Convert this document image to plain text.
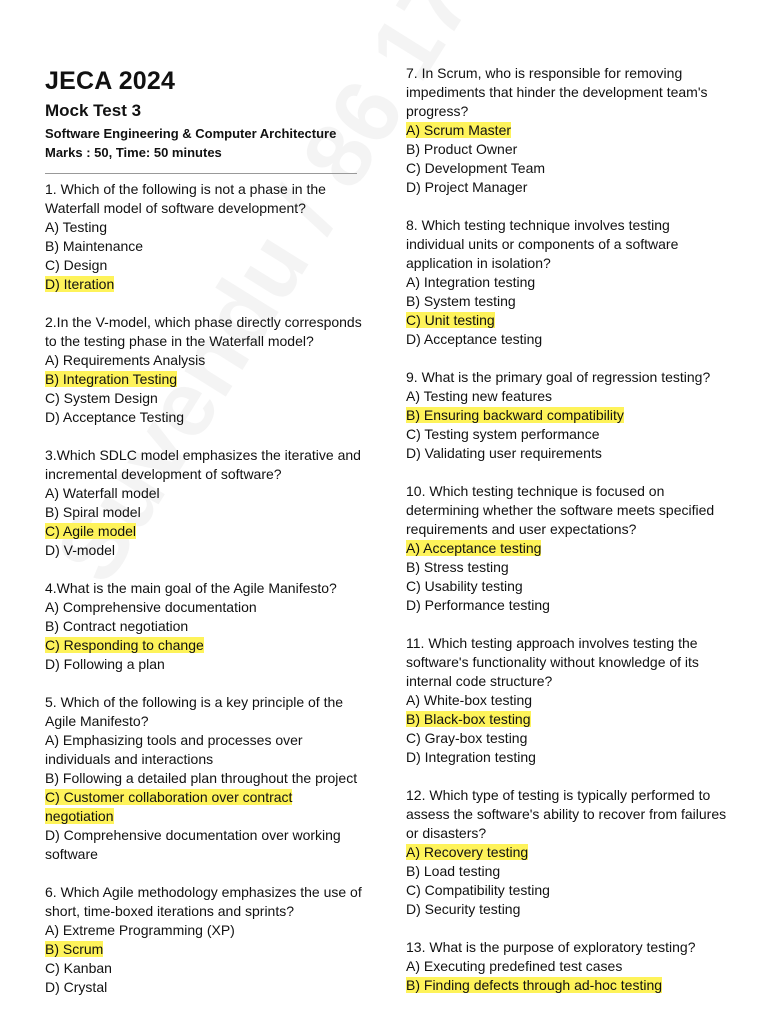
JECA 2024
Mock Test 3
Software Engineering & Computer Architecture
Marks : 50, Time: 50 minutes
1. Which of the following is not a phase in the Waterfall model of software development?
A) Testing
B) Maintenance
C) Design
D) Iteration
2.In the V-model, which phase directly corresponds to the testing phase in the Waterfall model?
A) Requirements Analysis
B) Integration Testing
C) System Design
D) Acceptance Testing
3.Which SDLC model emphasizes the iterative and incremental development of software?
A) Waterfall model
B) Spiral model
C) Agile model
D) V-model
4.What is the main goal of the Agile Manifesto?
A) Comprehensive documentation
B) Contract negotiation
C) Responding to change
D) Following a plan
5. Which of the following is a key principle of the Agile Manifesto?
A) Emphasizing tools and processes over individuals and interactions
B) Following a detailed plan throughout the project
C) Customer collaboration over contract negotiation
D) Comprehensive documentation over working software
6. Which Agile methodology emphasizes the use of short, time-boxed iterations and sprints?
A) Extreme Programming (XP)
B) Scrum
C) Kanban
D) Crystal
7. In Scrum, who is responsible for removing impediments that hinder the development team's progress?
A) Scrum Master
B) Product Owner
C) Development Team
D) Project Manager
8. Which testing technique involves testing individual units or components of a software application in isolation?
A) Integration testing
B) System testing
C) Unit testing
D) Acceptance testing
9. What is the primary goal of regression testing?
A) Testing new features
B) Ensuring backward compatibility
C) Testing system performance
D) Validating user requirements
10. Which testing technique is focused on determining whether the software meets specified requirements and user expectations?
A) Acceptance testing
B) Stress testing
C) Usability testing
D) Performance testing
11. Which testing approach involves testing the software's functionality without knowledge of its internal code structure?
A) White-box testing
B) Black-box testing
C) Gray-box testing
D) Integration testing
12. Which type of testing is typically performed to assess the software's ability to recover from failures or disasters?
A) Recovery testing
B) Load testing
C) Compatibility testing
D) Security testing
13. What is the purpose of exploratory testing?
A) Executing predefined test cases
B) Finding defects through ad-hoc testing
